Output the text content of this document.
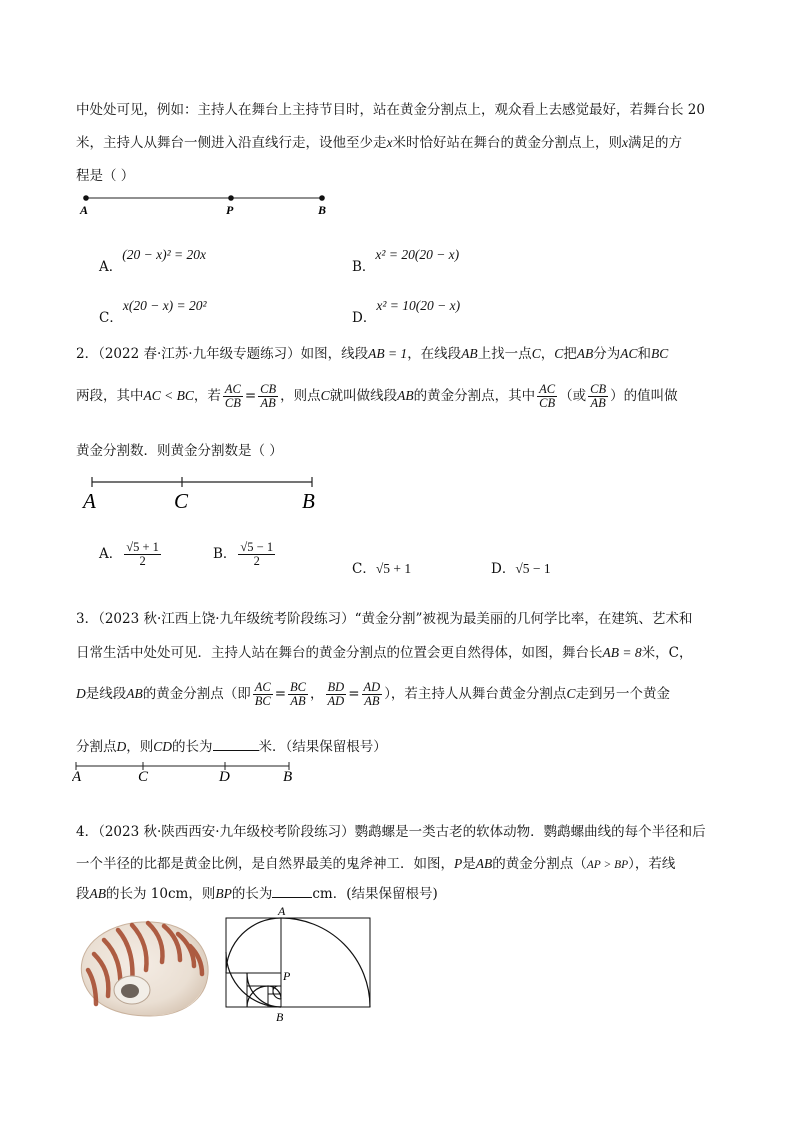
中处处可见，例如：主持人在舞台上主持节目时，站在黄金分割点上，观众看上去感觉最好，若舞台长 20
米，主持人从舞台一侧进入沿直线行走，设他至少走x米时恰好站在舞台的黄金分割点上，则x满足的方
程是（ ）
A	P	B
A．(20 − x)² = 20x
B．x² = 20(20 − x)
C．x(20 − x) = 20²
D．x² = 10(20 − x)
2．（2022 春·江苏·九年级专题练习）如图，线段AB = 1，在线段AB上找一点C，C把AB分为AC和BC
两段，其中AC < BC，若 $\frac{AC}{CB} = \frac{CB}{AB}$ ，则点C就叫做线段AB的黄金分割点，其中 $\frac{AC}{CB}$ （或 $\frac{CB}{AB}$ ）的值叫做
黄金分割数．则黄金分割数是（ ）
A	C	B
A． $\frac{√5 + 1}{2}$	B． $\frac{√5 - 1}{2}$
C．√5 + 1	D．√5 − 1
3．（2023 秋·江西上饶·九年级统考阶段练习）“黄金分割”被视为最美丽的几何学比率，在建筑、艺术和
日常生活中处处可见．主持人站在舞台的黄金分割点的位置会更自然得体，如图，舞台长AB = 8米，C，
D是线段AB的黄金分割点（即 $\frac{AC}{BC} = \frac{BC}{AB}$ ， $\frac{BD}{AD} = \frac{AD}{AB}$ ），若主持人从舞台黄金分割点C走到另一个黄金
分割点D，则CD的长为	米．（结果保留根号）
A	C	D	B
4．（2023 秋·陕西西安·九年级校考阶段练习）鹦鹉螺是一类古老的软体动物．鹦鹉螺曲线的每个半径和后
一个半径的比都是黄金比例，是自然界最美的鬼斧神工．如图，P是AB的黄金分割点（AP > BP），若线
段AB的长为 10cm，则BP的长为	cm．(结果保留根号)
A
P
B
